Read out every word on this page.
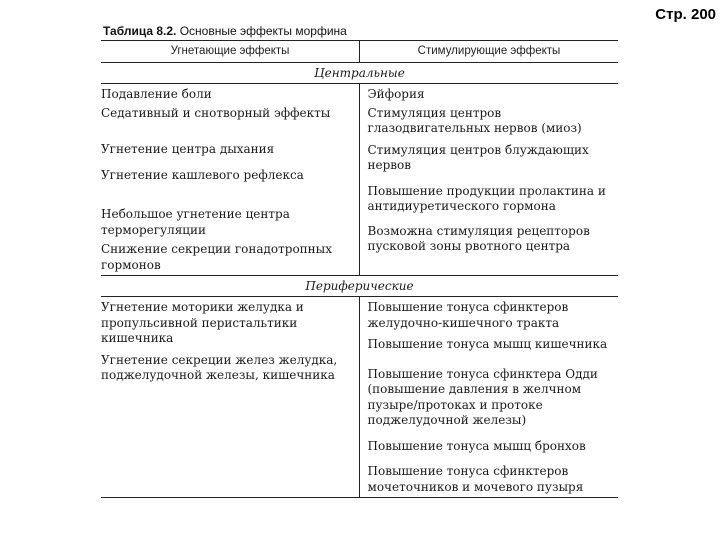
Стр. 200
Таблица 8.2. Основные эффекты морфина
Угнетающие эффекты	Стимулирующие эффекты
Центральные
Подавление боли
Седативный и снотворный эффекты
Угнетение центра дыхания
Угнетение кашлевого рефлекса
Небольшое угнетение центра терморегуляции
Снижение секреции гонадотропных гормонов
Эйфория
Стимуляция центров глазодвигательных нервов (миоз)
Стимуляция центров блуждающих нервов
Повышение продукции пролактина и антидиуретического гормона
Возможна стимуляция рецепторов пусковой зоны рвотного центра
Периферические
Угнетение моторики желудка и пропульсивной перистальтики кишечника
Угнетение секреции желез желудка, поджелудочной железы, кишечника
Повышение тонуса сфинктеров желудочно-кишечного тракта
Повышение тонуса мышц кишечника
Повышение тонуса сфинктера Одди (повышение давления в желчном пузыре/протоках и протоке поджелудочной железы)
Повышение тонуса мышц бронхов
Повышение тонуса сфинктеров мочеточников и мочевого пузыря
